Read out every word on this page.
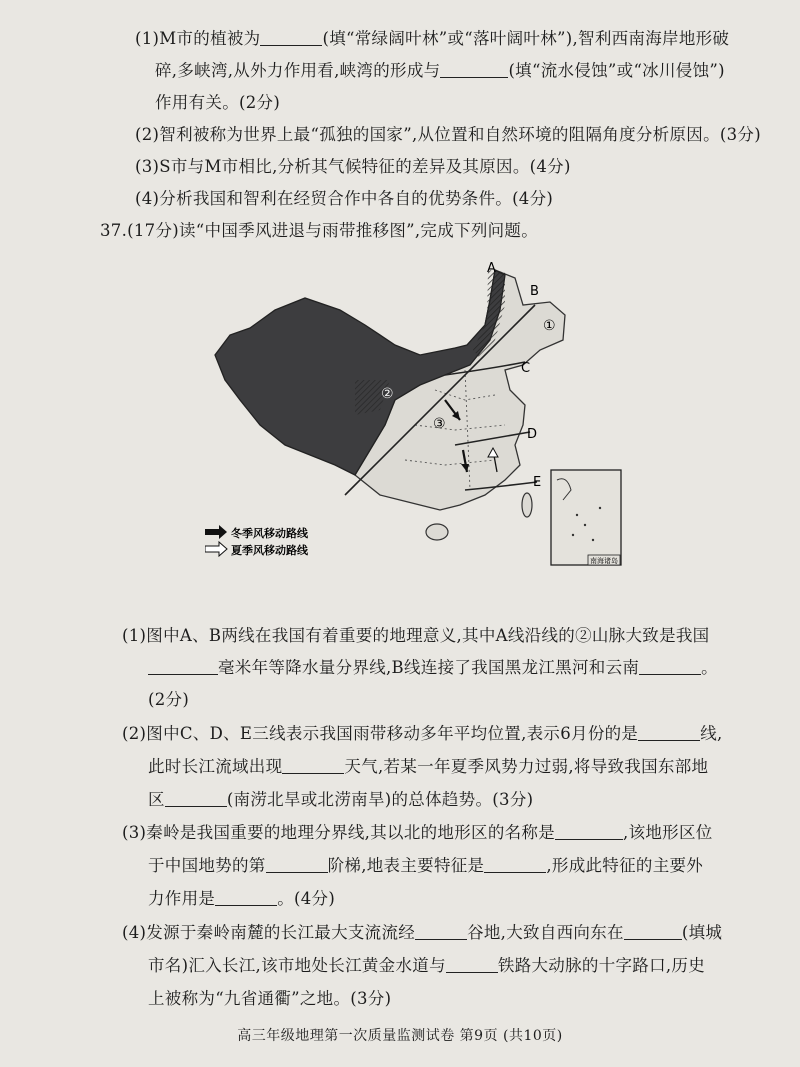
(1)M市的植被为	(填“常绿阔叶林”或“落叶阔叶林”),智利西南海岸地形破
碎,多峡湾,从外力作用看,峡湾的形成与	(填“流水侵蚀”或“冰川侵蚀”)
作用有关。(2分)
(2)智利被称为世界上最“孤独的国家”,从位置和自然环境的阻隔角度分析原因。(3分)
(3)S市与M市相比,分析其气候特征的差异及其原因。(4分)
(4)分析我国和智利在经贸合作中各自的优势条件。(4分)
37.(17分)读“中国季风进退与雨带推移图”,完成下列问题。
A
B
C
D
E
①
②
③
南海诸岛
冬季风移动路线
夏季风移动路线
(1)图中A、B两线在我国有着重要的地理意义,其中A线沿线的②山脉大致是我国
毫米年等降水量分界线,B线连接了我国黑龙江黑河和云南	。
(2分)
(2)图中C、D、E三线表示我国雨带移动多年平均位置,表示6月份的是	线,
此时长江流域出现	天气,若某一年夏季风势力过弱,将导致我国东部地
区	(南涝北旱或北涝南旱)的总体趋势。(3分)
(3)秦岭是我国重要的地理分界线,其以北的地形区的名称是	,该地形区位
于中国地势的第	阶梯,地表主要特征是	,形成此特征的主要外
力作用是	。(4分)
(4)发源于秦岭南麓的长江最大支流流经	谷地,大致自西向东在	(填城
市名)汇入长江,该市地处长江黄金水道与	铁路大动脉的十字路口,历史
上被称为“九省通衢”之地。(3分)
高三年级地理第一次质量监测试卷 第9页 (共10页)
